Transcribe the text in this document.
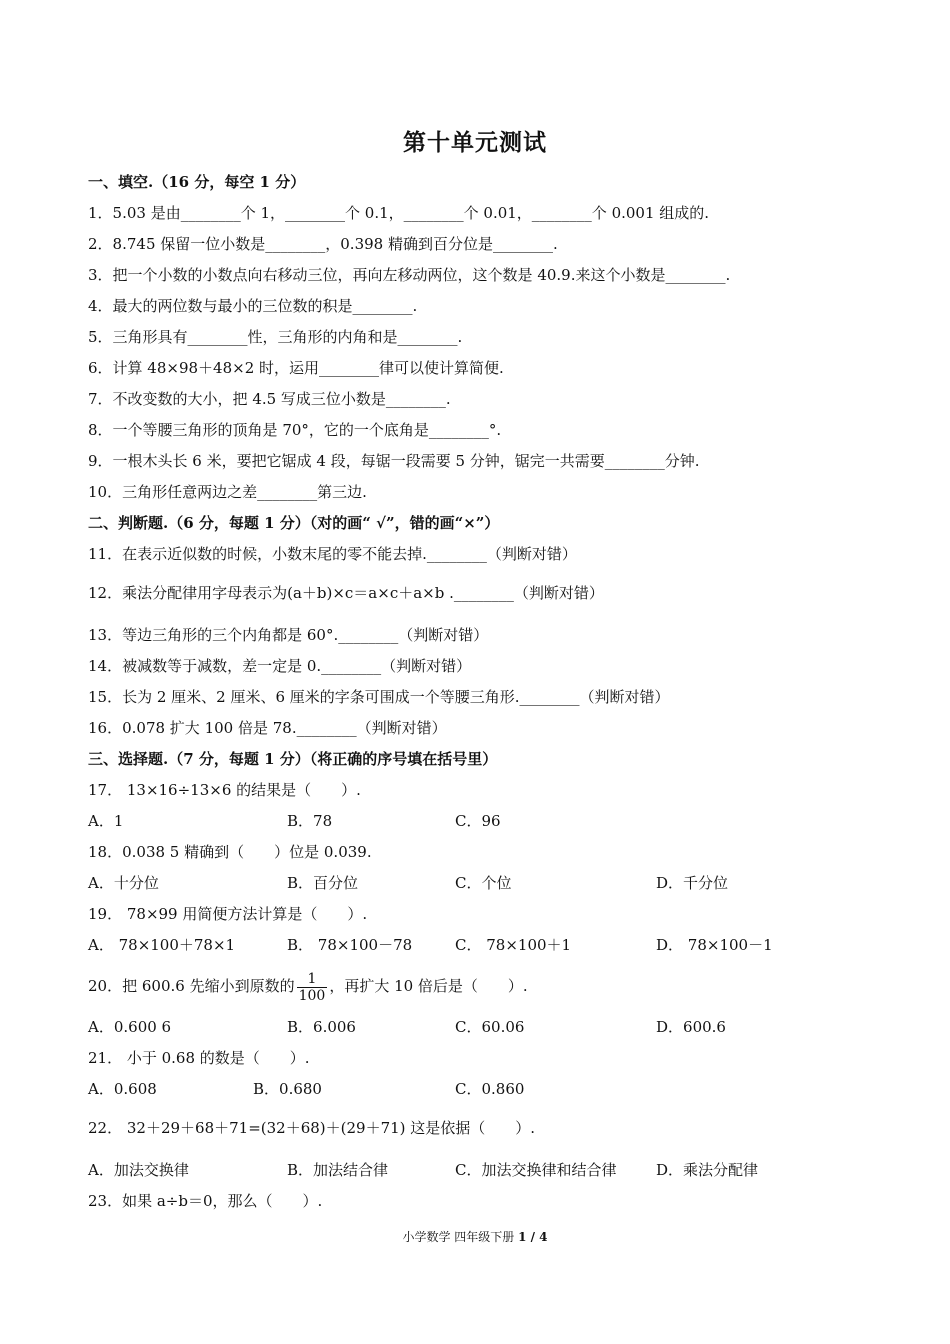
第十单元测试
一、填空.（16 分，每空 1 分）
1．5.03 是由________个 1，________个 0.1，________个 0.01，________个 0.001 组成的.
2．8.745 保留一位小数是________，0.398 精确到百分位是________.
3．把一个小数的小数点向右移动三位，再向左移动两位，这个数是 40.9.来这个小数是________.
4．最大的两位数与最小的三位数的积是________.
5．三角形具有________性，三角形的内角和是________.
6．计算 48×98＋48×2 时，运用________律可以使计算简便.
7．不改变数的大小，把 4.5 写成三位小数是________.
8．一个等腰三角形的顶角是 70°，它的一个底角是________°.
9．一根木头长 6 米，要把它锯成 4 段，每锯一段需要 5 分钟，锯完一共需要________分钟.
10．三角形任意两边之差________第三边.
二、判断题.（6 分，每题 1 分）（对的画“ √”，错的画“×”）
11．在表示近似数的时候，小数末尾的零不能去掉.________（判断对错）
12．乘法分配律用字母表示为(a＋b)×c＝a×c＋a×b .________（判断对错）
13．等边三角形的三个内角都是 60°.________（判断对错）
14．被减数等于减数，差一定是 0.________（判断对错）
15．长为 2 厘米、2 厘米、6 厘米的字条可围成一个等腰三角形.________（判断对错）
16．0.078 扩大 100 倍是 78.________（判断对错）
三、选择题.（7 分，每题 1 分）（将正确的序号填在括号里）
17． 13×16÷13×6 的结果是（　　）.
A．1	B．78	C．96
18．0.038 5 精确到（　　）位是 0.039.
A．十分位	B．百分位	C．个位	D．千分位
19． 78×99 用简便方法计算是（　　）.
A． 78×100＋78×1	B． 78×100－78	C． 78×100＋1	D． 78×100－1
20．把 600.6 先缩小到原数的 $\frac{1}{100}$ ，再扩大 10 倍后是（　　）.
A．0.600 6	B．6.006	C．60.06	D．600.6
21． 小于 0.68 的数是（　　）.
A．0.608	B．0.680	C．0.860
22． 32＋29＋68＋71=(32＋68)＋(29＋71) 这是依据（　　）.
A．加法交换律	B．加法结合律	C．加法交换律和结合律	D．乘法分配律
23．如果 a÷b＝0，那么（　　）.
小学数学 四年级下册 1 / 4
